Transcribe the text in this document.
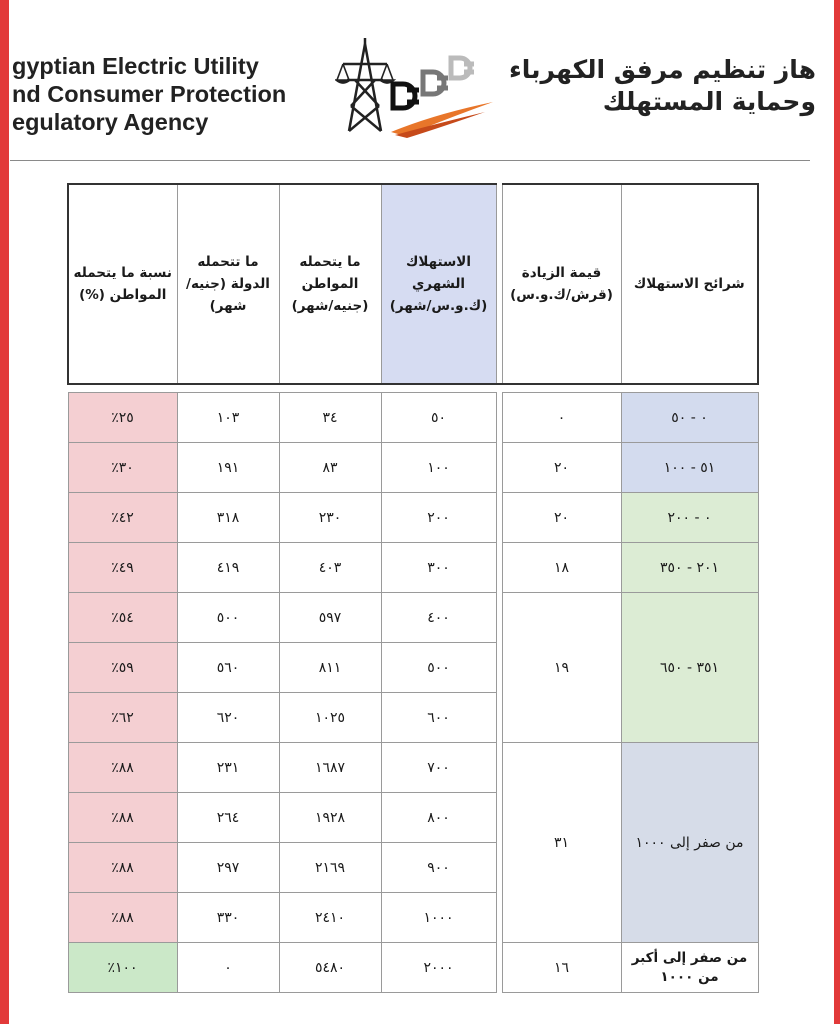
gyptian Electric Utility
nd Consumer Protection
egulatory Agency
هاز تنظيم مرفق الكهرباء
وحماية المستهلك
شرائح الاستهلاك	قيمة الزيادة (قرش/ك.و.س)		الاستهلاك الشهري (ك.و.س/شهر)	ما يتحمله المواطن (جنيه/شهر)	ما تتحمله الدولة (جنيه/شهر)	نسبة ما يتحمله المواطن (%)

٠ - ٥٠	٠		٥٠	٣٤	١٠٣	٢٥٪
٥١ - ١٠٠	٢٠		١٠٠	٨٣	١٩١	٣٠٪
٠ - ٢٠٠	٢٠		٢٠٠	٢٣٠	٣١٨	٤٢٪
٢٠١ - ٣٥٠	١٨		٣٠٠	٤٠٣	٤١٩	٤٩٪
٣٥١ - ٦٥٠	١٩		٤٠٠	٥٩٧	٥٠٠	٥٤٪
			٥٠٠	٨١١	٥٦٠	٥٩٪
			٦٠٠	١٠٢٥	٦٢٠	٦٢٪
من صفر إلى ١٠٠٠	٣١		٧٠٠	١٦٨٧	٢٣١	٨٨٪
			٨٠٠	١٩٢٨	٢٦٤	٨٨٪
			٩٠٠	٢١٦٩	٢٩٧	٨٨٪
			١٠٠٠	٢٤١٠	٣٣٠	٨٨٪
من صفر إلى أكبر من ١٠٠٠	١٦		٢٠٠٠	٥٤٨٠	٠	١٠٠٪
